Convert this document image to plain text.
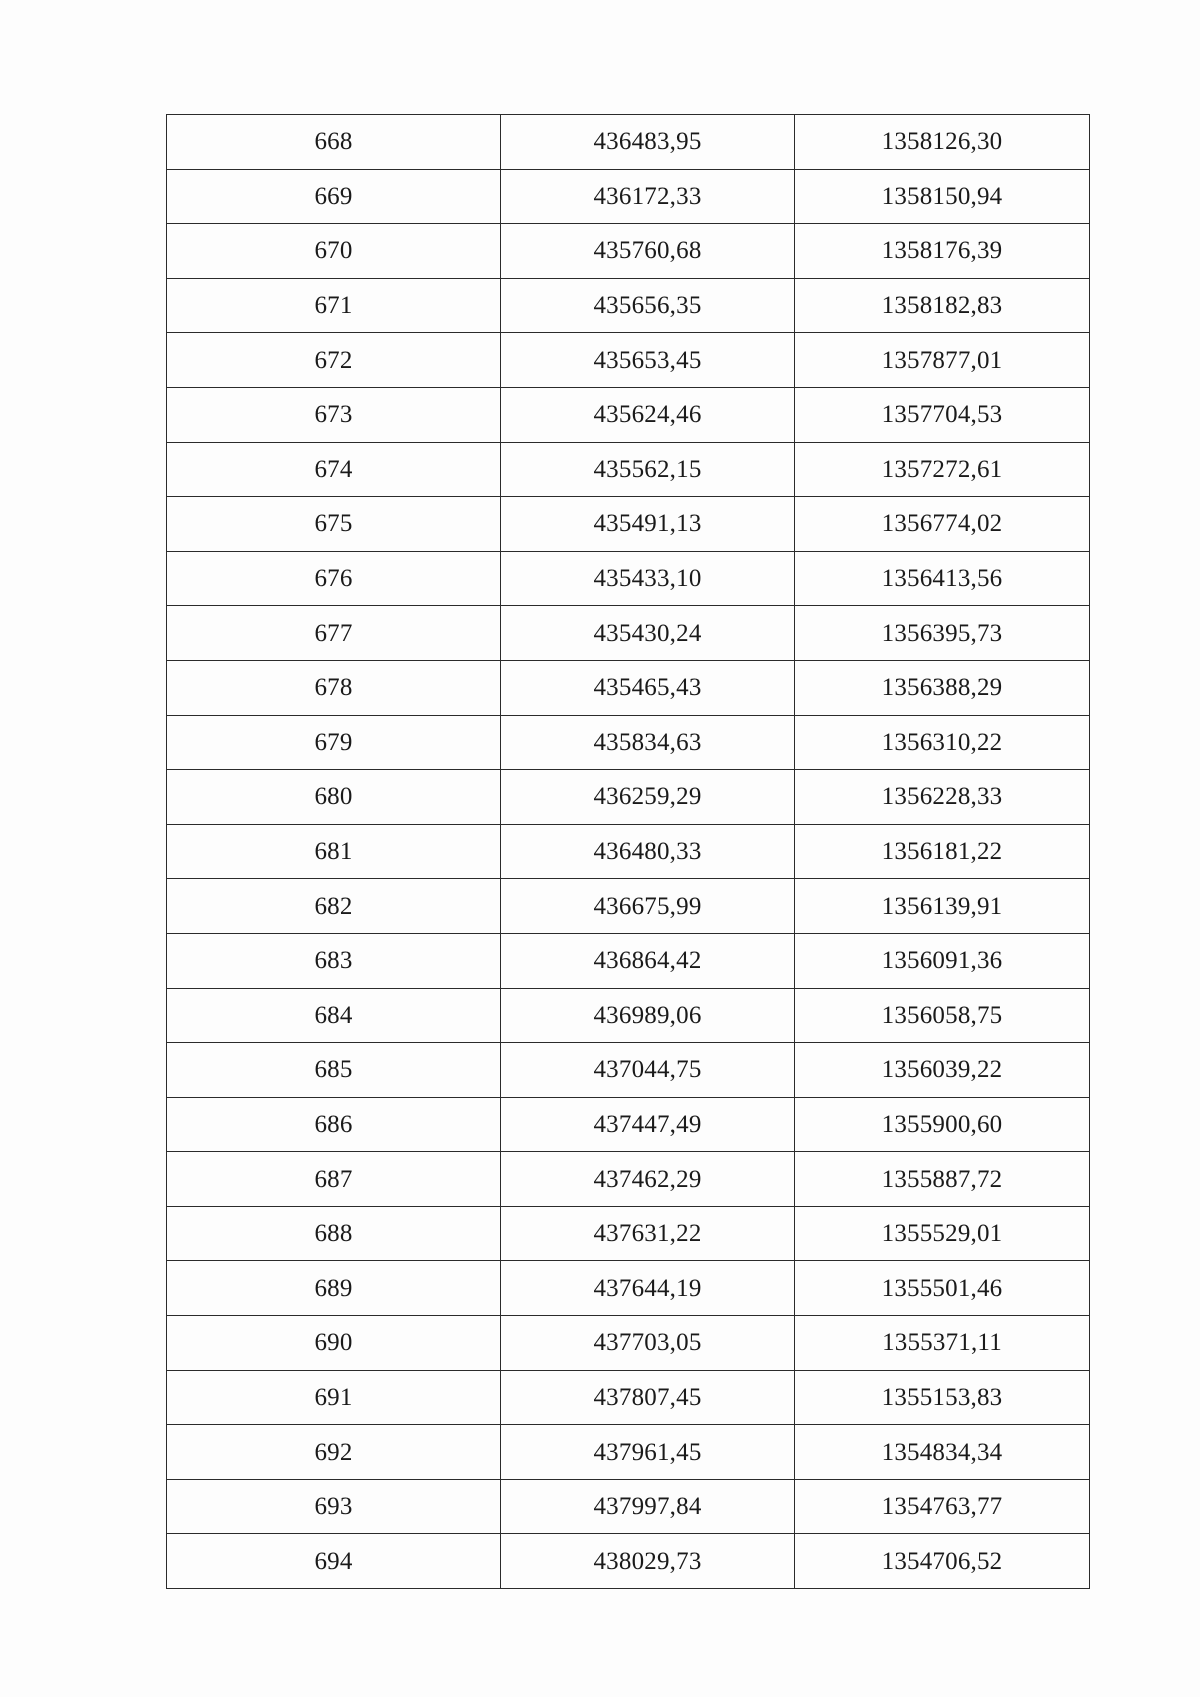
668	436483,95	1358126,30
669	436172,33	1358150,94
670	435760,68	1358176,39
671	435656,35	1358182,83
672	435653,45	1357877,01
673	435624,46	1357704,53
674	435562,15	1357272,61
675	435491,13	1356774,02
676	435433,10	1356413,56
677	435430,24	1356395,73
678	435465,43	1356388,29
679	435834,63	1356310,22
680	436259,29	1356228,33
681	436480,33	1356181,22
682	436675,99	1356139,91
683	436864,42	1356091,36
684	436989,06	1356058,75
685	437044,75	1356039,22
686	437447,49	1355900,60
687	437462,29	1355887,72
688	437631,22	1355529,01
689	437644,19	1355501,46
690	437703,05	1355371,11
691	437807,45	1355153,83
692	437961,45	1354834,34
693	437997,84	1354763,77
694	438029,73	1354706,52
